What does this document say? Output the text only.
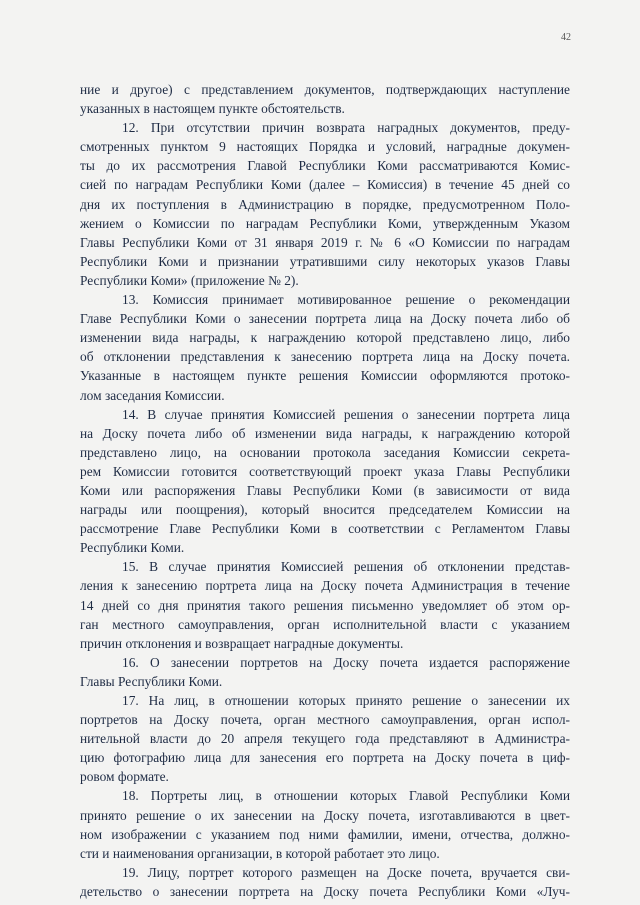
42
ние и другое) с представлением документов, подтверждающих наступление
указанных в настоящем пункте обстоятельств.
12. При отсутствии причин возврата наградных документов, преду-
смотренных пунктом 9 настоящих Порядка и условий, наградные докумен-
ты до их рассмотрения Главой Республики Коми рассматриваются Комис-
сией по наградам Республики Коми (далее – Комиссия) в течение 45 дней со
дня их поступления в Администрацию в порядке, предусмотренном Поло-
жением о Комиссии по наградам Республики Коми, утвержденным Указом
Главы Республики Коми от 31 января 2019 г. № 6 «О Комиссии по наградам
Республики Коми и признании утратившими силу некоторых указов Главы
Республики Коми» (приложение № 2).
13. Комиссия принимает мотивированное решение о рекомендации
Главе Республики Коми о занесении портрета лица на Доску почета либо об
изменении вида награды, к награждению которой представлено лицо, либо
об отклонении представления к занесению портрета лица на Доску почета.
Указанные в настоящем пункте решения Комиссии оформляются протоко-
лом заседания Комиссии.
14. В случае принятия Комиссией решения о занесении портрета лица
на Доску почета либо об изменении вида награды, к награждению которой
представлено лицо, на основании протокола заседания Комиссии секрета-
рем Комиссии готовится соответствующий проект указа Главы Республики
Коми или распоряжения Главы Республики Коми (в зависимости от вида
награды или поощрения), который вносится председателем Комиссии на
рассмотрение Главе Республики Коми в соответствии с Регламентом Главы
Республики Коми.
15. В случае принятия Комиссией решения об отклонении представ-
ления к занесению портрета лица на Доску почета Администрация в течение
14 дней со дня принятия такого решения письменно уведомляет об этом ор-
ган местного самоуправления, орган исполнительной власти с указанием
причин отклонения и возвращает наградные документы.
16. О занесении портретов на Доску почета издается распоряжение
Главы Республики Коми.
17. На лиц, в отношении которых принято решение о занесении их
портретов на Доску почета, орган местного самоуправления, орган испол-
нительной власти до 20 апреля текущего года представляют в Администра-
цию фотографию лица для занесения его портрета на Доску почета в циф-
ровом формате.
18. Портреты лиц, в отношении которых Главой Республики Коми
принято решение о их занесении на Доску почета, изготавливаются в цвет-
ном изображении с указанием под ними фамилии, имени, отчества, должно-
сти и наименования организации, в которой работает это лицо.
19. Лицу, портрет которого размещен на Доске почета, вручается сви-
детельство о занесении портрета на Доску почета Республики Коми «Луч-
